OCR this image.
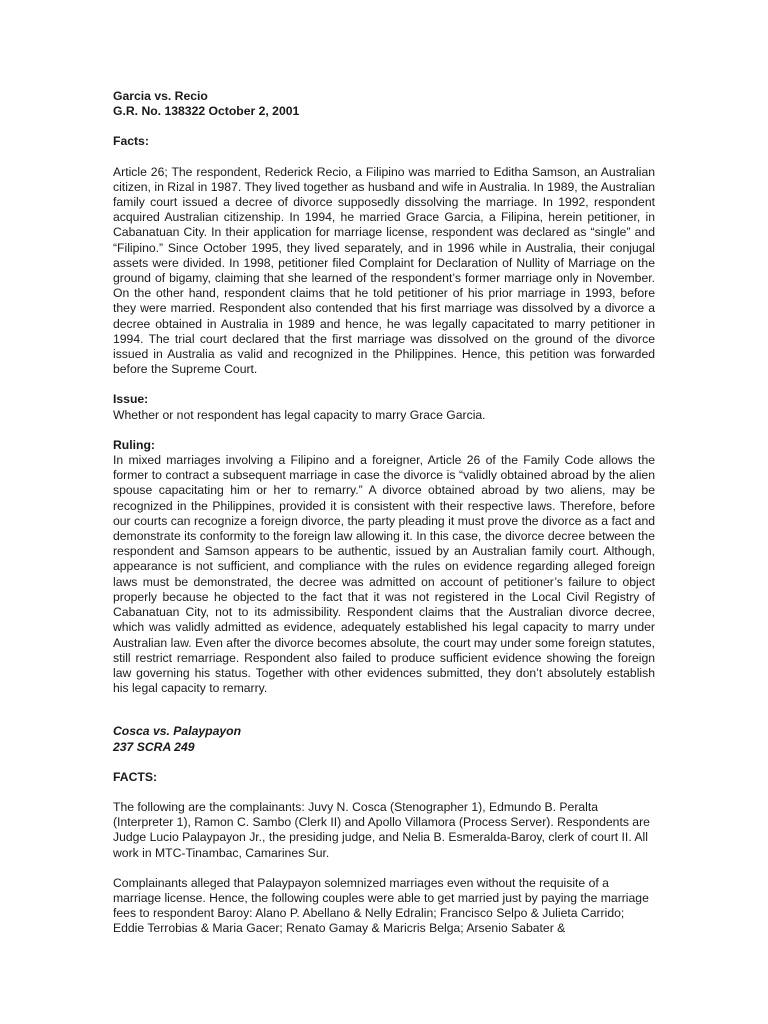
Garcia vs. Recio

G.R. No. 138322 October 2, 2001

Facts:

Article 26; The respondent, Rederick Recio, a Filipino was married to Editha Samson, an Australian citizen, in Rizal in 1987. They lived together as husband and wife in Australia. In 1989, the Australian family court issued a decree of divorce supposedly dissolving the marriage. In 1992, respondent acquired Australian citizenship. In 1994, he married Grace Garcia, a Filipina, herein petitioner, in Cabanatuan City. In their application for marriage license, respondent was declared as “single” and “Filipino.” Since October 1995, they lived separately, and in 1996 while in Australia, their conjugal assets were divided. In 1998, petitioner filed Complaint for Declaration of Nullity of Marriage on the ground of bigamy, claiming that she learned of the respondent’s former marriage only in November. On the other hand, respondent claims that he told petitioner of his prior marriage in 1993, before they were married. Respondent also contended that his first marriage was dissolved by a divorce a decree obtained in Australia in 1989 and hence, he was legally capacitated to marry petitioner in 1994. The trial court declared that the first marriage was dissolved on the ground of the divorce issued in Australia as valid and recognized in the Philippines. Hence, this petition was forwarded before the Supreme Court.

Issue:

Whether or not respondent has legal capacity to marry Grace Garcia.

Ruling:

In mixed marriages involving a Filipino and a foreigner, Article 26 of the Family Code allows the former to contract a subsequent marriage in case the divorce is “validly obtained abroad by the alien spouse capacitating him or her to remarry.” A divorce obtained abroad by two aliens, may be recognized in the Philippines, provided it is consistent with their respective laws. Therefore, before our courts can recognize a foreign divorce, the party pleading it must prove the divorce as a fact and demonstrate its conformity to the foreign law allowing it. In this case, the divorce decree between the respondent and Samson appears to be authentic, issued by an Australian family court. Although, appearance is not sufficient, and compliance with the rules on evidence regarding alleged foreign laws must be demonstrated, the decree was admitted on account of petitioner’s failure to object properly because he objected to the fact that it was not registered in the Local Civil Registry of Cabanatuan City, not to its admissibility. Respondent claims that the Australian divorce decree, which was validly admitted as evidence, adequately established his legal capacity to marry under Australian law. Even after the divorce becomes absolute, the court may under some foreign statutes, still restrict remarriage. Respondent also failed to produce sufficient evidence showing the foreign law governing his status. Together with other evidences submitted, they don’t absolutely establish his legal capacity to remarry.

Cosca vs. Palaypayon

237 SCRA 249

FACTS:

The following are the complainants: Juvy N. Cosca (Stenographer 1), Edmundo B. Peralta (Interpreter 1), Ramon C. Sambo (Clerk II) and Apollo Villamora (Process Server). Respondents are Judge Lucio Palaypayon Jr., the presiding judge, and Nelia B. Esmeralda-Baroy, clerk of court II. All work in MTC-Tinambac, Camarines Sur.

Complainants alleged that Palaypayon solemnized marriages even without the requisite of a marriage license. Hence, the following couples were able to get married just by paying the marriage fees to respondent Baroy: Alano P. Abellano & Nelly Edralin; Francisco Selpo & Julieta Carrido; Eddie Terrobias & Maria Gacer; Renato Gamay & Maricris Belga; Arsenio Sabater &
